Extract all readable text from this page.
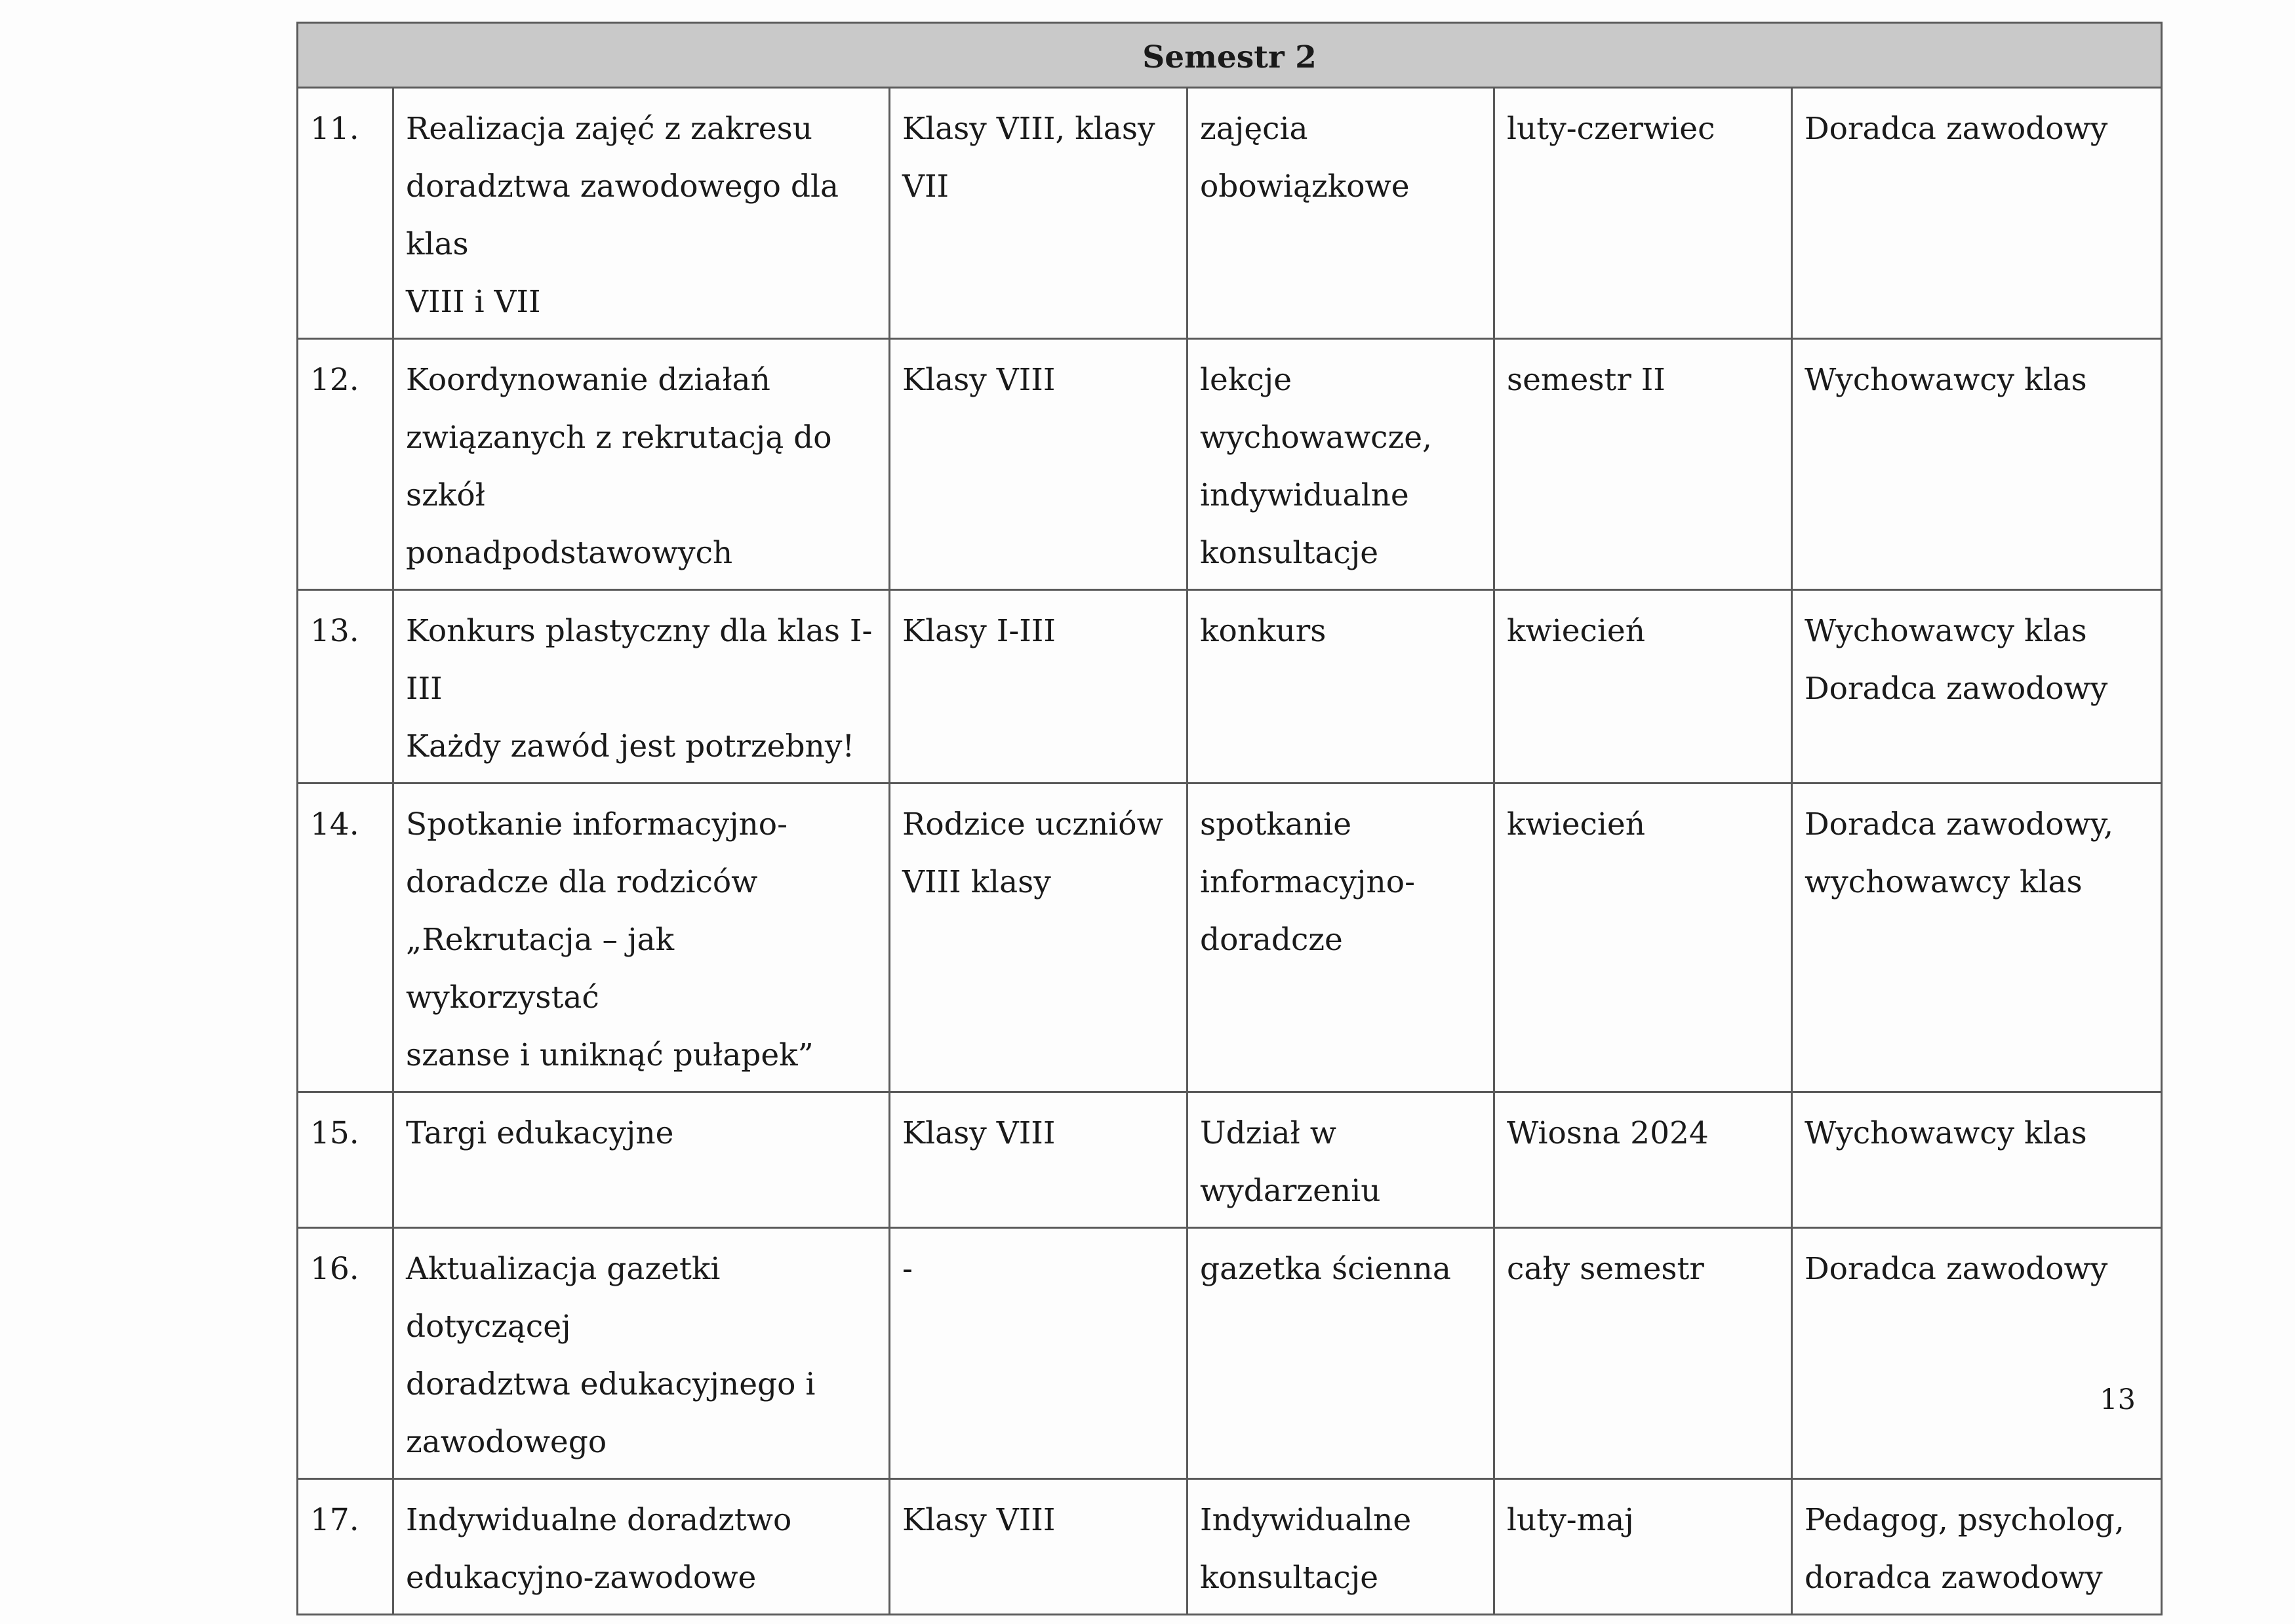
Semestr 2					
11.	Realizacja zajęć z zakresu
doradztwa zawodowego dla klas
VIII i VII	Klasy VIII, klasy VII	zajęcia
obowiązkowe	luty-czerwiec	Doradca zawodowy
12.	Koordynowanie działań
związanych z rekrutacją do szkół
ponadpodstawowych	Klasy VIII	lekcje
wychowawcze,
indywidualne
konsultacje	semestr II	Wychowawcy klas
13.	Konkurs plastyczny dla klas I-III
Każdy zawód jest potrzebny!	Klasy I-III	konkurs	kwiecień	Wychowawcy klas
Doradca zawodowy
14.	Spotkanie informacyjno-
doradcze dla rodziców
„Rekrutacja – jak wykorzystać
szanse i uniknąć pułapek”	Rodzice uczniów
VIII klasy	spotkanie
informacyjno-
doradcze	kwiecień	Doradca zawodowy,
wychowawcy klas
15.	Targi edukacyjne	Klasy VIII	Udział w
wydarzeniu	Wiosna 2024	Wychowawcy klas
16.	Aktualizacja gazetki dotyczącej
doradztwa edukacyjnego i
zawodowego	-	gazetka ścienna	cały semestr	Doradca zawodowy
17.	Indywidualne doradztwo
edukacyjno-zawodowe	Klasy VIII	Indywidualne
konsultacje	luty-maj	Pedagog, psycholog,
doradca zawodowy
13
